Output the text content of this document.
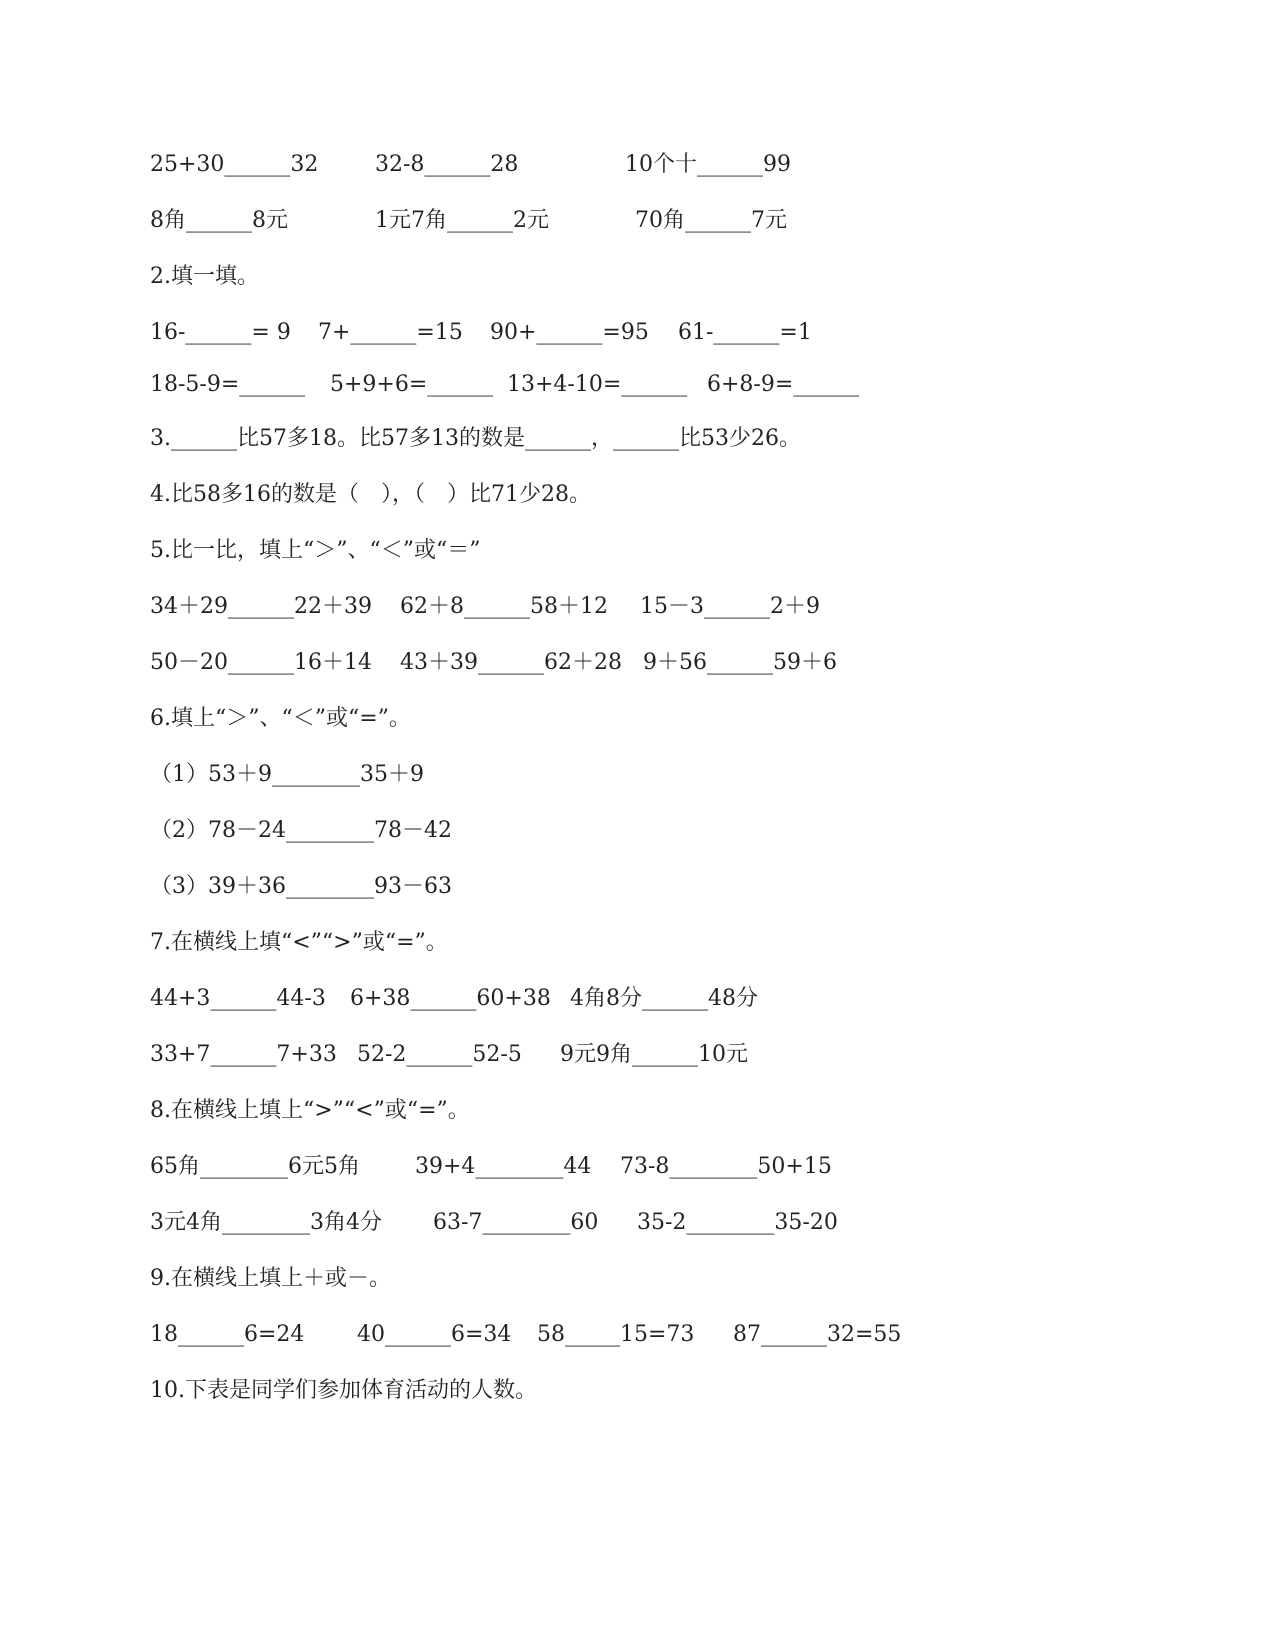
25+30______32	32-8______28	10个十______99
8角______8元	1元7角______2元	70角______7元
2.填一填。
16-______= 9 7+______=15 90+______=95 61-______=1
18-5-9=______ 5+9+6=______ 13+4-10=______ 6+8-9=______
3.______比57多18。比57多13的数是______，______比53少26。
4.比58多16的数是（　），（　）比71少28。
5.比一比，填上“＞”、“＜”或“＝”
34＋29______22＋39 62＋8______58＋12 15－3______2＋9
50－20______16＋14 43＋39______62＋28 9＋56______59＋6
6.填上“＞”、“＜”或“=”。
（1）53＋9________35＋9
（2）78－24________78－42
（3）39＋36________93－63
7.在横线上填“<”“>”或“=”。
44+3______44-3 6+38______60+38 4角8分______48分
33+7______7+33 52-2______52-5 9元9角______10元
8.在横线上填上“>”“<”或“=”。
65角________6元5角	39+4________44 73-8________50+15
3元4角________3角4分 63-7________60 35-2________35-20
9.在横线上填上＋或－。
18______6=24 40______6=34 58_____15=73 87______32=55
10.下表是同学们参加体育活动的人数。
